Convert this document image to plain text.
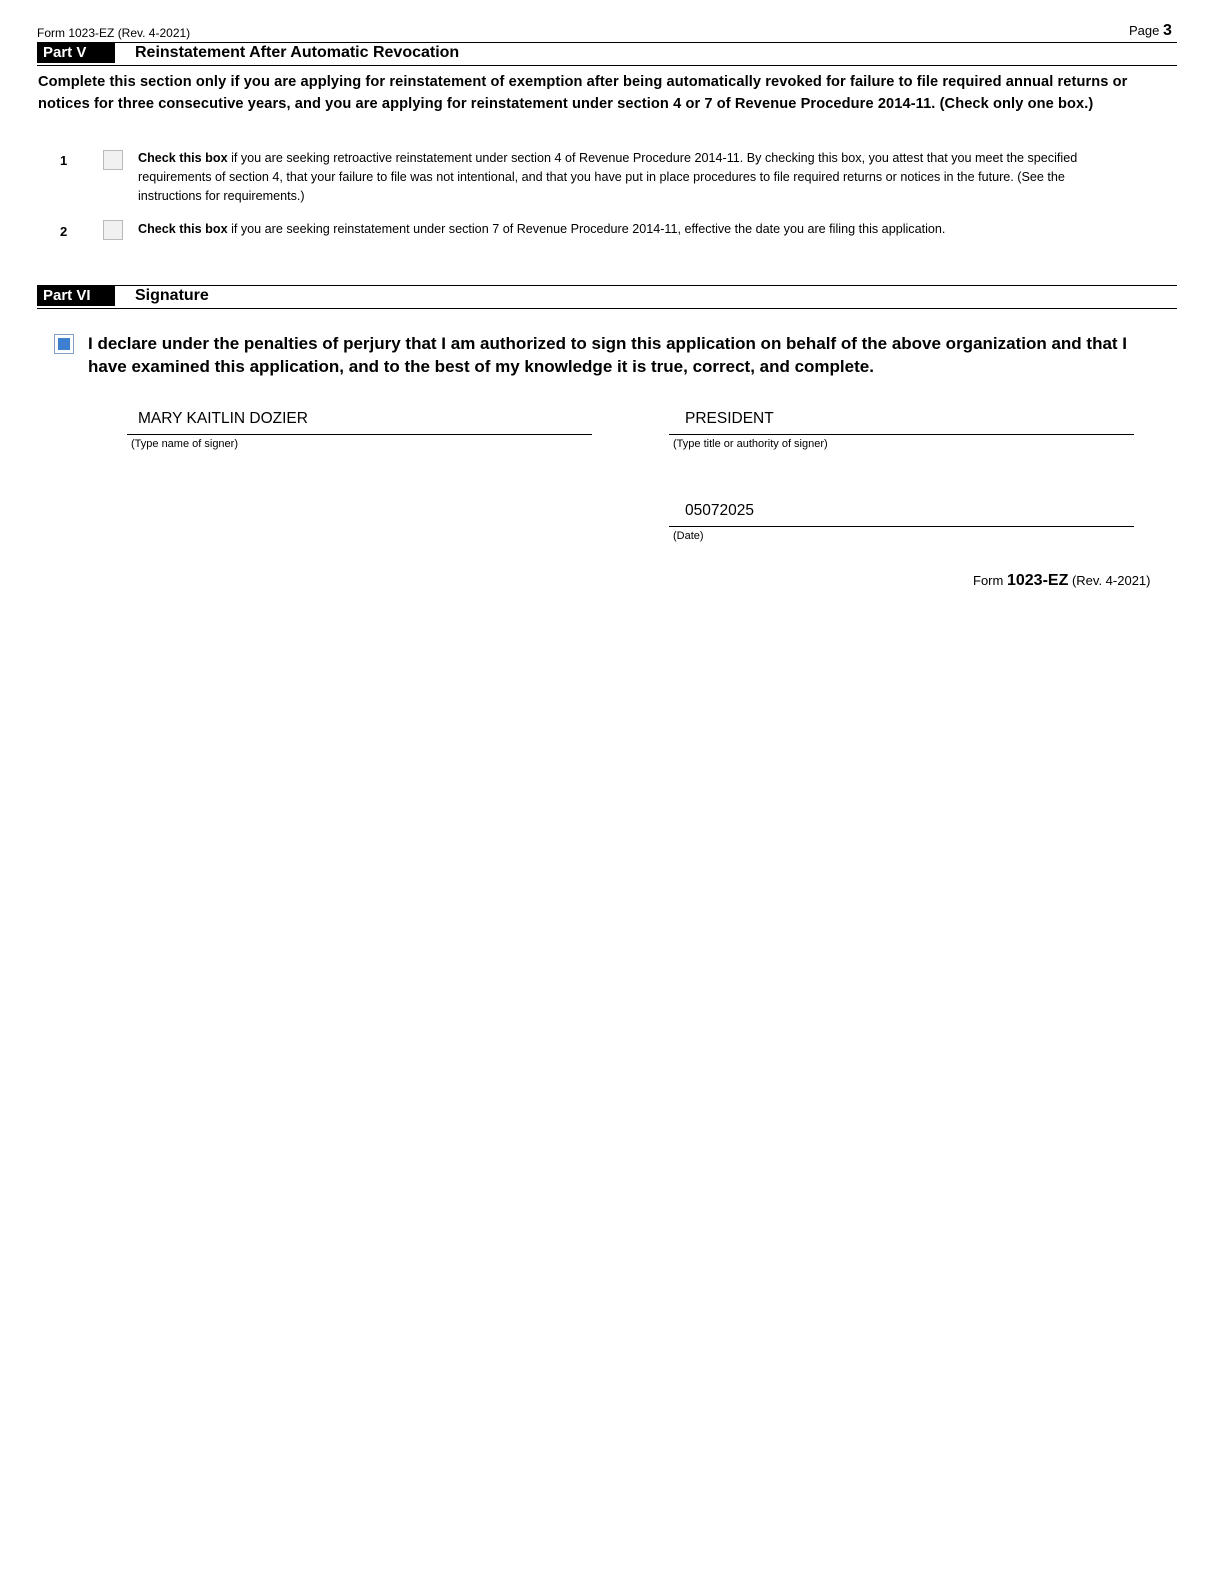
Form 1023-EZ (Rev. 4-2021)	Page 3
Part V	Reinstatement After Automatic Revocation
Complete this section only if you are applying for reinstatement of exemption after being automatically revoked for failure to file required annual returns or notices for three consecutive years, and you are applying for reinstatement under section 4 or 7 of Revenue Procedure 2014-11. (Check only one box.)
1	Check this box if you are seeking retroactive reinstatement under section 4 of Revenue Procedure 2014-11. By checking this box, you attest that you meet the specified requirements of section 4, that your failure to file was not intentional, and that you have put in place procedures to file required returns or notices in the future. (See the instructions for requirements.)
2	Check this box if you are seeking reinstatement under section 7 of Revenue Procedure 2014-11, effective the date you are filing this application.
Part VI	Signature
I declare under the penalties of perjury that I am authorized to sign this application on behalf of the above organization and that I have examined this application, and to the best of my knowledge it is true, correct, and complete.
MARY KAITLIN DOZIER
(Type name of signer)
PRESIDENT
(Type title or authority of signer)
05072025
(Date)
Form 1023-EZ (Rev. 4-2021)
